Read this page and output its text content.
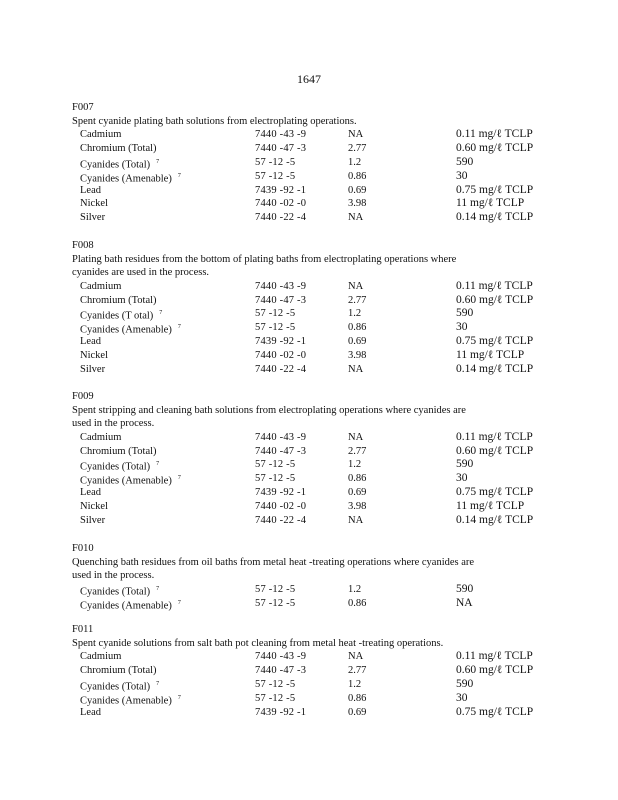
1647
F007
Spent cyanide plating bath solutions from electroplating operations.
Cadmium	7440 -43 -9	NA	0.11 mg/ℓ TCLP
Chromium (Total)	7440 -47 -3	2.77	0.60 mg/ℓ TCLP
Cyanides (Total) $^7$	57 -12 -5	1.2	590
Cyanides (Amenable) $^7$	57 -12 -5	0.86	30
Lead	7439 -92 -1	0.69	0.75 mg/ℓ TCLP
Nickel	7440 -02 -0	3.98	11 mg/ℓ TCLP
Silver	7440 -22 -4	NA	0.14 mg/ℓ TCLP
F008
Plating bath residues from the bottom of plating baths from electroplating operations where
cyanides are used in the process.
Cadmium	7440 -43 -9	NA	0.11 mg/ℓ TCLP
Chromium (Total)	7440 -47 -3	2.77	0.60 mg/ℓ TCLP
Cyanides (T otal) $^7$	57 -12 -5	1.2	590
Cyanides (Amenable) $^7$	57 -12 -5	0.86	30
Lead	7439 -92 -1	0.69	0.75 mg/ℓ TCLP
Nickel	7440 -02 -0	3.98	11 mg/ℓ TCLP
Silver	7440 -22 -4	NA	0.14 mg/ℓ TCLP
F009
Spent stripping and cleaning bath solutions from electroplating operations where cyanides are
used in the process.
Cadmium	7440 -43 -9	NA	0.11 mg/ℓ TCLP
Chromium (Total)	7440 -47 -3	2.77	0.60 mg/ℓ TCLP
Cyanides (Total) $^7$	57 -12 -5	1.2	590
Cyanides (Amenable) $^7$	57 -12 -5	0.86	30
Lead	7439 -92 -1	0.69	0.75 mg/ℓ TCLP
Nickel	7440 -02 -0	3.98	11 mg/ℓ TCLP
Silver	7440 -22 -4	NA	0.14 mg/ℓ TCLP
F010
Quenching bath residues from oil baths from metal heat -treating operations where cyanides are
used in the process.
Cyanides (Total) $^7$	57 -12 -5	1.2	590
Cyanides (Amenable) $^7$	57 -12 -5	0.86	NA
F011
Spent cyanide solutions from salt bath pot cleaning from metal heat -treating operations.
Cadmium	7440 -43 -9	NA	0.11 mg/ℓ TCLP
Chromium (Total)	7440 -47 -3	2.77	0.60 mg/ℓ TCLP
Cyanides (Total) $^7$	57 -12 -5	1.2	590
Cyanides (Amenable) $^7$	57 -12 -5	0.86	30
Lead	7439 -92 -1	0.69	0.75 mg/ℓ TCLP
